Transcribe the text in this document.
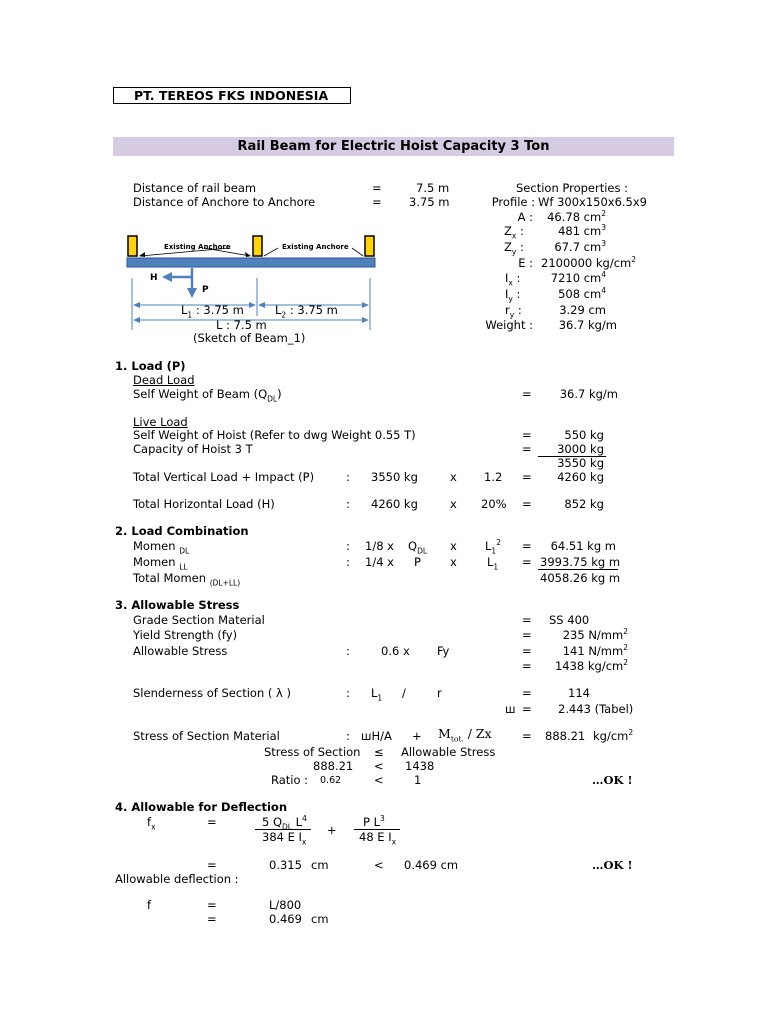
PT. TEREOS FKS INDONESIA
Rail Beam for Electric Hoist Capacity 3 Ton
Distance of rail beam	=	7.5 m
Distance of Anchore to Anchore	= 3.75 m
Section Properties :
Profile : Wf 300x150x6.5x9
A :	46.78 $cm^2$
$Z_x$ :	481 $cm^3$
$Z_y$ :	67.7 $cm^3$
E : 2100000 $kg/cm^2$
$I_x$ :	7210 $cm^4$
$I_y$ :	508 $cm^4$
$r_y$ :	3.29 cm
Weight :	36.7 kg/m
Existing Anchore	Existing Anchore
H
P
$L_1$ : 3.75 m	$L_2$ : 3.75 m
L : 7.5 m
(Sketch of Beam_1)
1. Load (P)
Dead Load
Self Weight of Beam $(Q_{DL})$	=	36.7 kg/m
Live Load
Self Weight of Hoist (Refer to dwg Weight 0.55 T)	=	550 kg
Capacity of Hoist 3 T	=	3000 kg
3550 kg
Total Vertical Load + Impact (P)	: 3550 kg	x 1.2 =	4260 kg
Total Horizontal Load (H)	: 4260 kg	x 20% =	852 kg
2. Load Combination
Momen $_{DL}$	: 1/8 x $Q_{DL}$ x $L_1^2$ =	64.51 kg m
Momen $_{LL}$	: 1/4 x P	x	$L_1 = 3993.75$ kg m
Total Momen $_{(DL+LL)}$	4058.26 kg m
3. Allowable Stress
Grade Section Material	= SS 400
Yield Strength (fy)	=	235 $N/mm^2$
Allowable Stress	:	0.6 x Fy	=	141 $N/mm^2$
=	1438 $kg/cm^2$
Slenderness of Section ( λ )	: $L_1$ /	r	=	114
ш = 2.443 (Tabel)
Stress of Section Material	: $шH/A + M_{tot.} / Zx$	= 888.21 $kg/cm^2$
Stress of Section ≤ Allowable Stress
888.21 < 1438
Ratio : 0.62	<	1	…OK !
4. Allowable for Deflection
$f_x$	=	5 $Q_{DL}$ $L^4$
384 E $I_x$
+
P $L^3$
48 E $I_x$
=	0.315 cm	< 0.469 cm	…OK !
Allowable deflection :
f	=	L/800
=	0.469 cm
